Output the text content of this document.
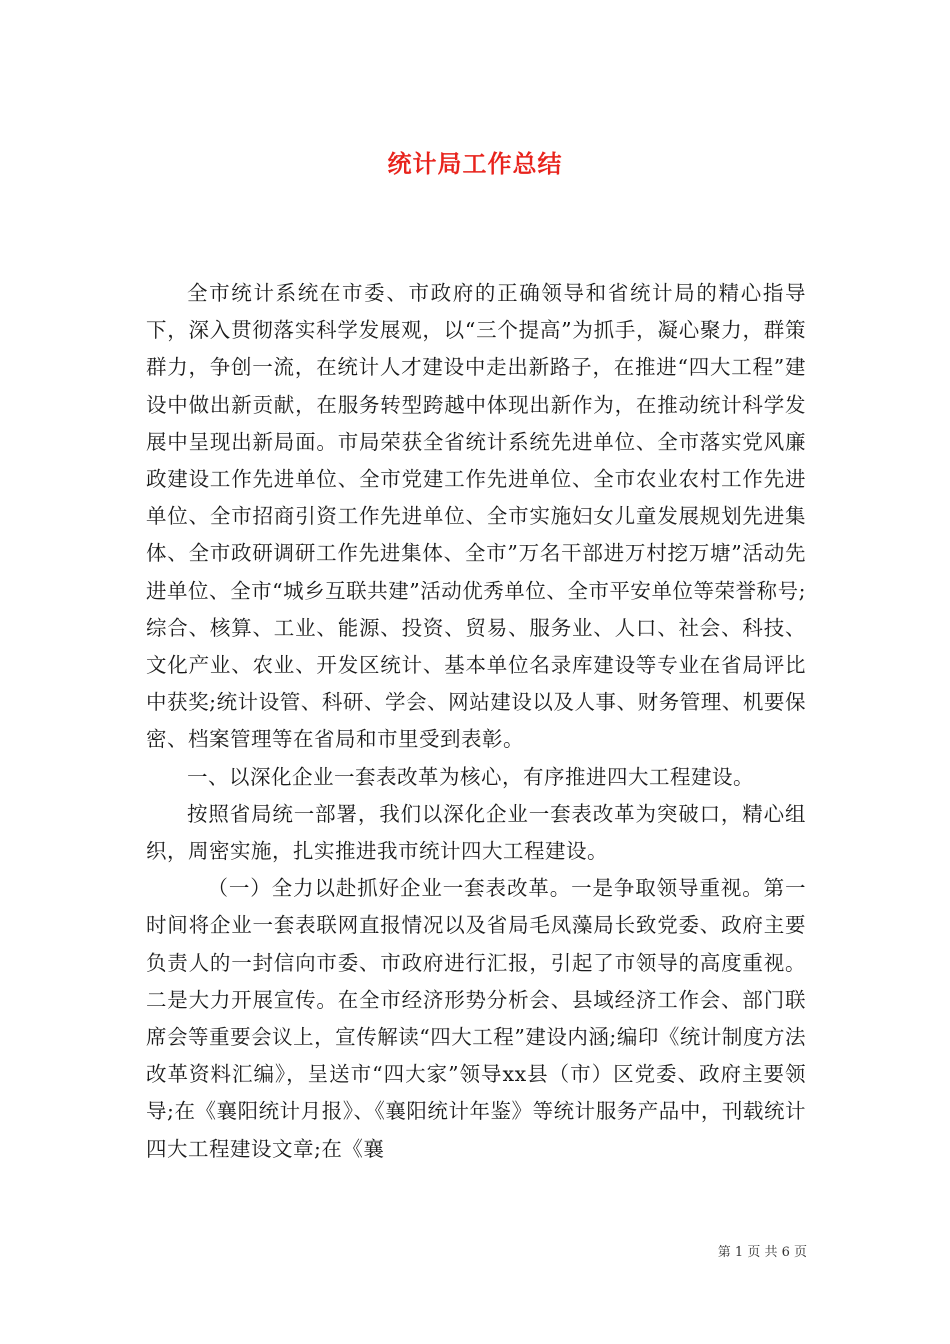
统计局工作总结

全市统计系统在市委、市政府的正确领导和省统计局的精心指导下，深入贯彻落实科学发展观，以“三个提高”为抓手，凝心聚力，群策群力，争创一流，在统计人才建设中走出新路子，在推进“四大工程”建设中做出新贡献，在服务转型跨越中体现出新作为，在推动统计科学发展中呈现出新局面。市局荣获全省统计系统先进单位、全市落实党风廉政建设工作先进单位、全市党建工作先进单位、全市农业农村工作先进单位、全市招商引资工作先进单位、全市实施妇女儿童发展规划先进集体、全市政研调研工作先进集体、全市”万名干部进万村挖万塘”活动先进单位、全市“城乡互联共建”活动优秀单位、全市平安单位等荣誉称号;综合、核算、工业、能源、投资、贸易、服务业、人口、社会、科技、文化产业、农业、开发区统计、基本单位名录库建设等专业在省局评比中获奖;统计设管、科研、学会、网站建设以及人事、财务管理、机要保密、档案管理等在省局和市里受到表彰。

一、以深化企业一套表改革为核心，有序推进四大工程建设。

按照省局统一部署，我们以深化企业一套表改革为突破口，精心组织，周密实施，扎实推进我市统计四大工程建设。

（一）全力以赴抓好企业一套表改革。一是争取领导重视。第一时间将企业一套表联网直报情况以及省局毛凤藻局长致党委、政府主要负责人的一封信向市委、市政府进行汇报，引起了市领导的高度重视。二是大力开展宣传。在全市经济形势分析会、县域经济工作会、部门联席会等重要会议上，宣传解读“四大工程”建设内涵;编印《统计制度方法改革资料汇编》，呈送市“四大家”领导xx县（市）区党委、政府主要领导;在《襄阳统计月报》、《襄阳统计年鉴》等统计服务产品中，刊载统计四大工程建设文章;在《襄

第 1 页 共 6 页
